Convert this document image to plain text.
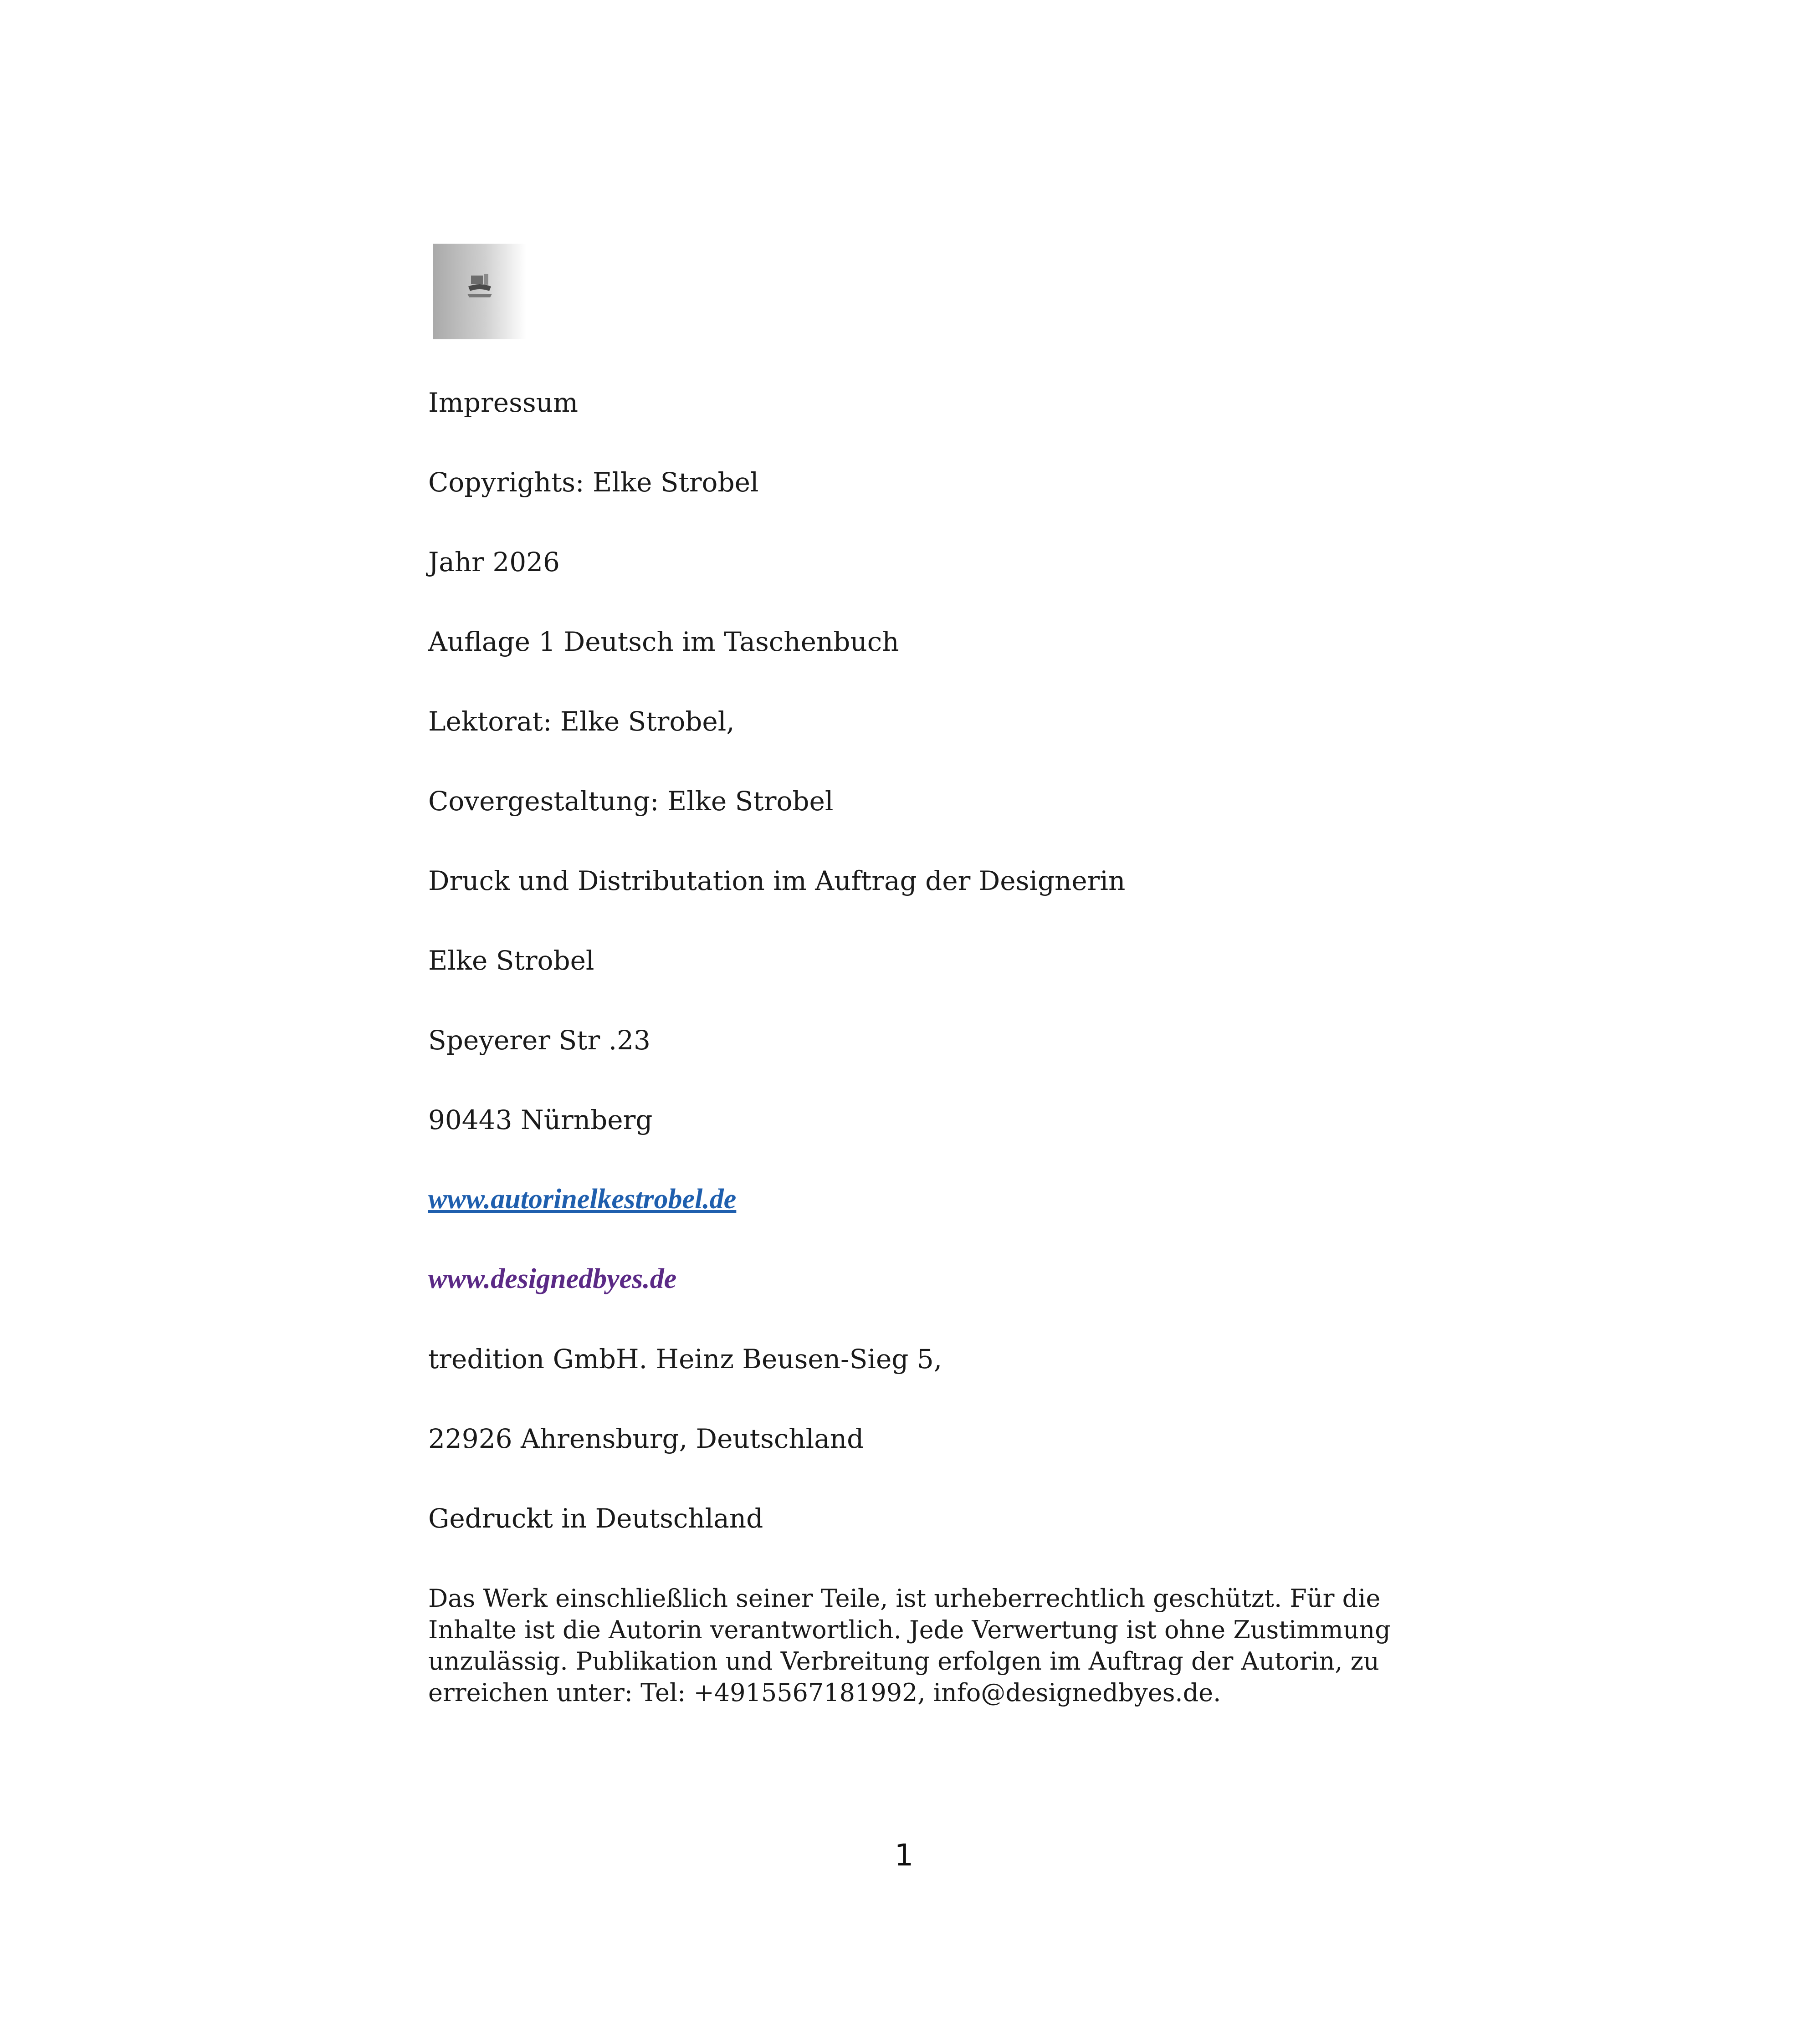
Impressum

Copyrights: Elke Strobel

Jahr 2026

Auflage 1 Deutsch im Taschenbuch

Lektorat: Elke Strobel,

Covergestaltung: Elke Strobel

Druck und Distributation im Auftrag der Designerin

Elke Strobel

Speyerer Str .23

90443 Nürnberg

www.autorinelkestrobel.de

www.designedbyes.de

tredition GmbH. Heinz Beusen-Sieg 5,

22926 Ahrensburg, Deutschland

Gedruckt in Deutschland

Das Werk einschließlich seiner Teile, ist urheberrechtlich geschützt. Für die Inhalte ist die Autorin verantwortlich. Jede Verwertung ist ohne Zustimmung unzulässig. Publikation und Verbreitung erfolgen im Auftrag der Autorin, zu erreichen unter: Tel: +4915567181992, info@designedbyes.de.

1
